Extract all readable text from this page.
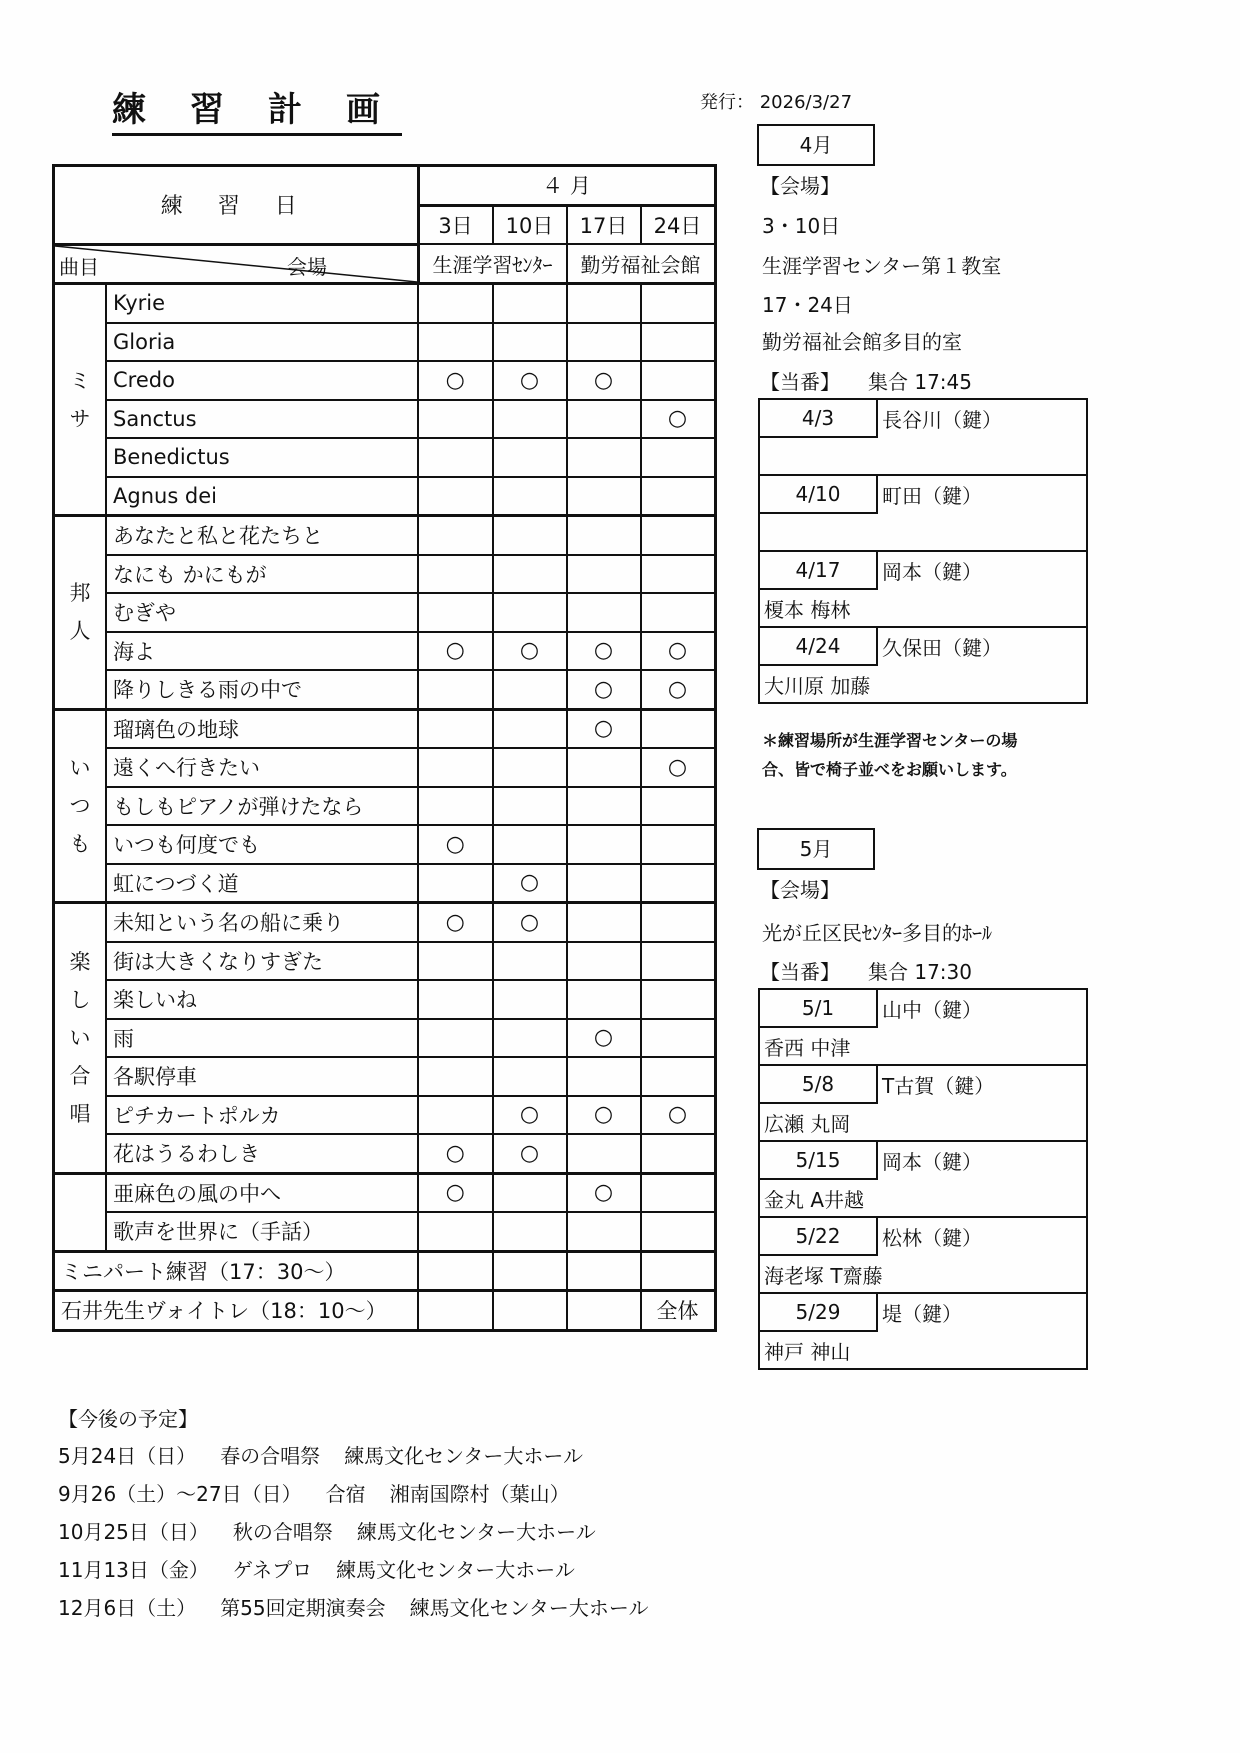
練習計画	発行： 2026/3/27
練 習 日		４ 月			
		3日	10日	17日	24日

曲目 会場		生涯学習ｾﾝﾀｰ		勤労福祉会館	
ミ
サ	Kyrie				
	Gloria				
	Credo	○	○	○	
	Sanctus				○
	Benedictus				
	Agnus dei				
邦
人	あなたと私と花たちと				
	なにも かにもが				
	むぎや				
	海よ	○	○	○	○
	降りしきる雨の中で			○	○
い
つ
も	瑠璃色の地球			○	
	遠くへ行きたい				○
	もしもピアノが弾けたなら				
	いつも何度でも	○			
	虹につづく道		○		
楽
し
い
合
唱	未知という名の船に乗り	○	○		
	街は大きくなりすぎた				
	楽しいね				
	雨			○	
	各駅停車				
	ピチカートポルカ		○	○	○
	花はうるわしき	○	○		
	亜麻色の風の中へ	○		○	
	歌声を世界に（手話）				
ミニパート練習（17：30～）					
石井先生ヴォイトレ（18：10～）					全体
4月
【会場】
3・10日
生涯学習センター第１教室
17・24日
勤労福祉会館多目的室
【当番】 集合 17:45
4/3	長谷川（鍵）

4/10	町田（鍵）

4/17	岡本（鍵）
榎本 梅林	
4/24	久保田（鍵）
大川原 加藤	
＊練習場所が生涯学習センターの場
合、皆で椅子並べをお願いします。
5月
【会場】
光が丘区民ｾﾝﾀｰ多目的ﾎｰﾙ
【当番】 集合 17:30
5/1	山中（鍵）
香西 中津	
5/8	T古賀（鍵）
広瀬 丸岡	
5/15	岡本（鍵）
金丸 A井越	
5/22	松林（鍵）
海老塚 T齋藤	
5/29	堤（鍵）
神戸 神山	
【今後の予定】
5月24日（日） 春の合唱祭 練馬文化センター大ホール
9月26（土）～27日（日） 合宿 湘南国際村（葉山）
10月25日（日） 秋の合唱祭 練馬文化センター大ホール
11月13日（金） ゲネプロ 練馬文化センター大ホール
12月6日（土） 第55回定期演奏会 練馬文化センター大ホール
